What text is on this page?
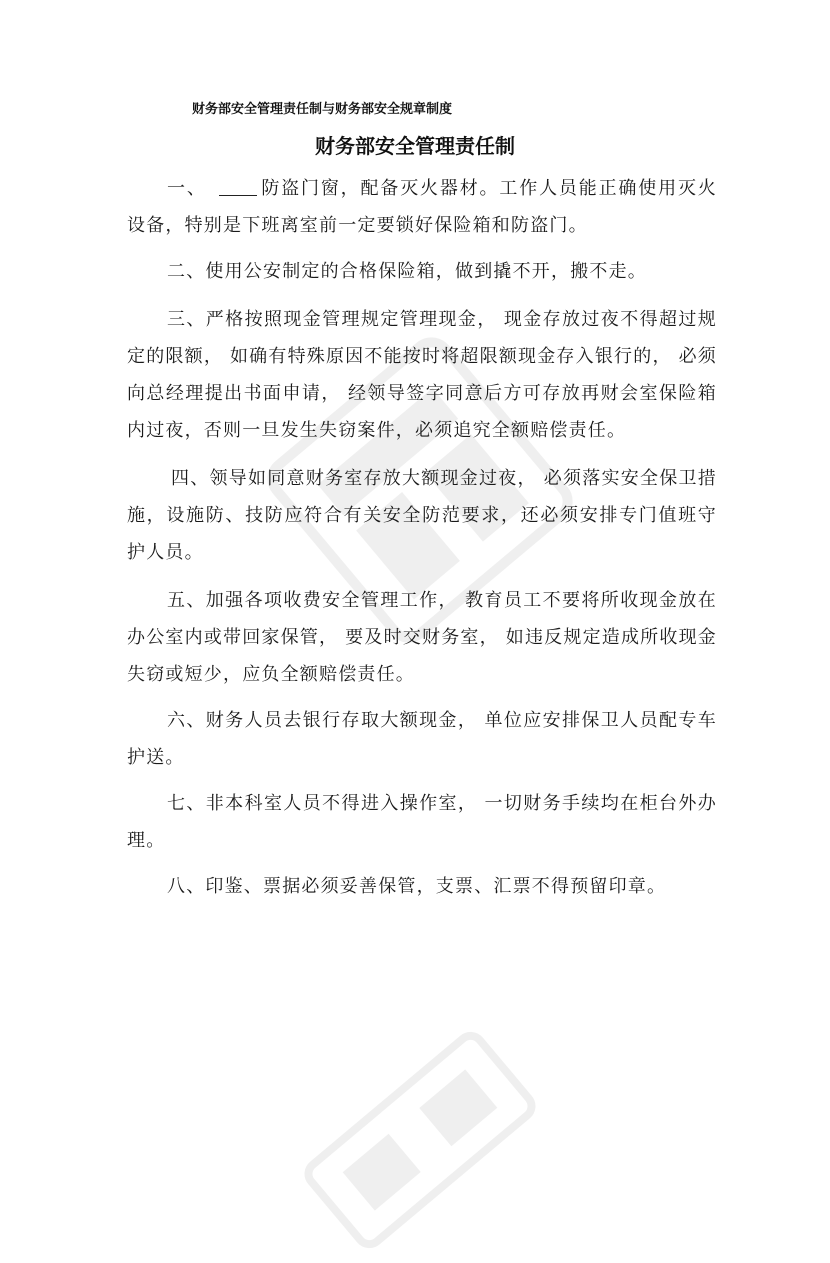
财务部安全管理责任制与财务部安全规章制度
财务部安全管理责任制

一、	防盗门窗，配备灭火器材。工作人员能正确使用灭火设备，特别是下班离室前一定要锁好保险箱和防盗门。

二、使用公安制定的合格保险箱，做到撬不开，搬不走。

三、严格按照现金管理规定管理现金， 现金存放过夜不得超过规定的限额， 如确有特殊原因不能按时将超限额现金存入银行的， 必须向总经理提出书面申请， 经领导签字同意后方可存放再财会室保险箱内过夜，否则一旦发生失窃案件，必须追究全额赔偿责任。

四、领导如同意财务室存放大额现金过夜， 必须落实安全保卫措施，设施防、技防应符合有关安全防范要求，还必须安排专门值班守护人员。

五、加强各项收费安全管理工作， 教育员工不要将所收现金放在办公室内或带回家保管， 要及时交财务室， 如违反规定造成所收现金失窃或短少，应负全额赔偿责任。

六、财务人员去银行存取大额现金， 单位应安排保卫人员配专车护送。

七、非本科室人员不得进入操作室， 一切财务手续均在柜台外办理。

八、印鉴、票据必须妥善保管，支票、汇票不得预留印章。
